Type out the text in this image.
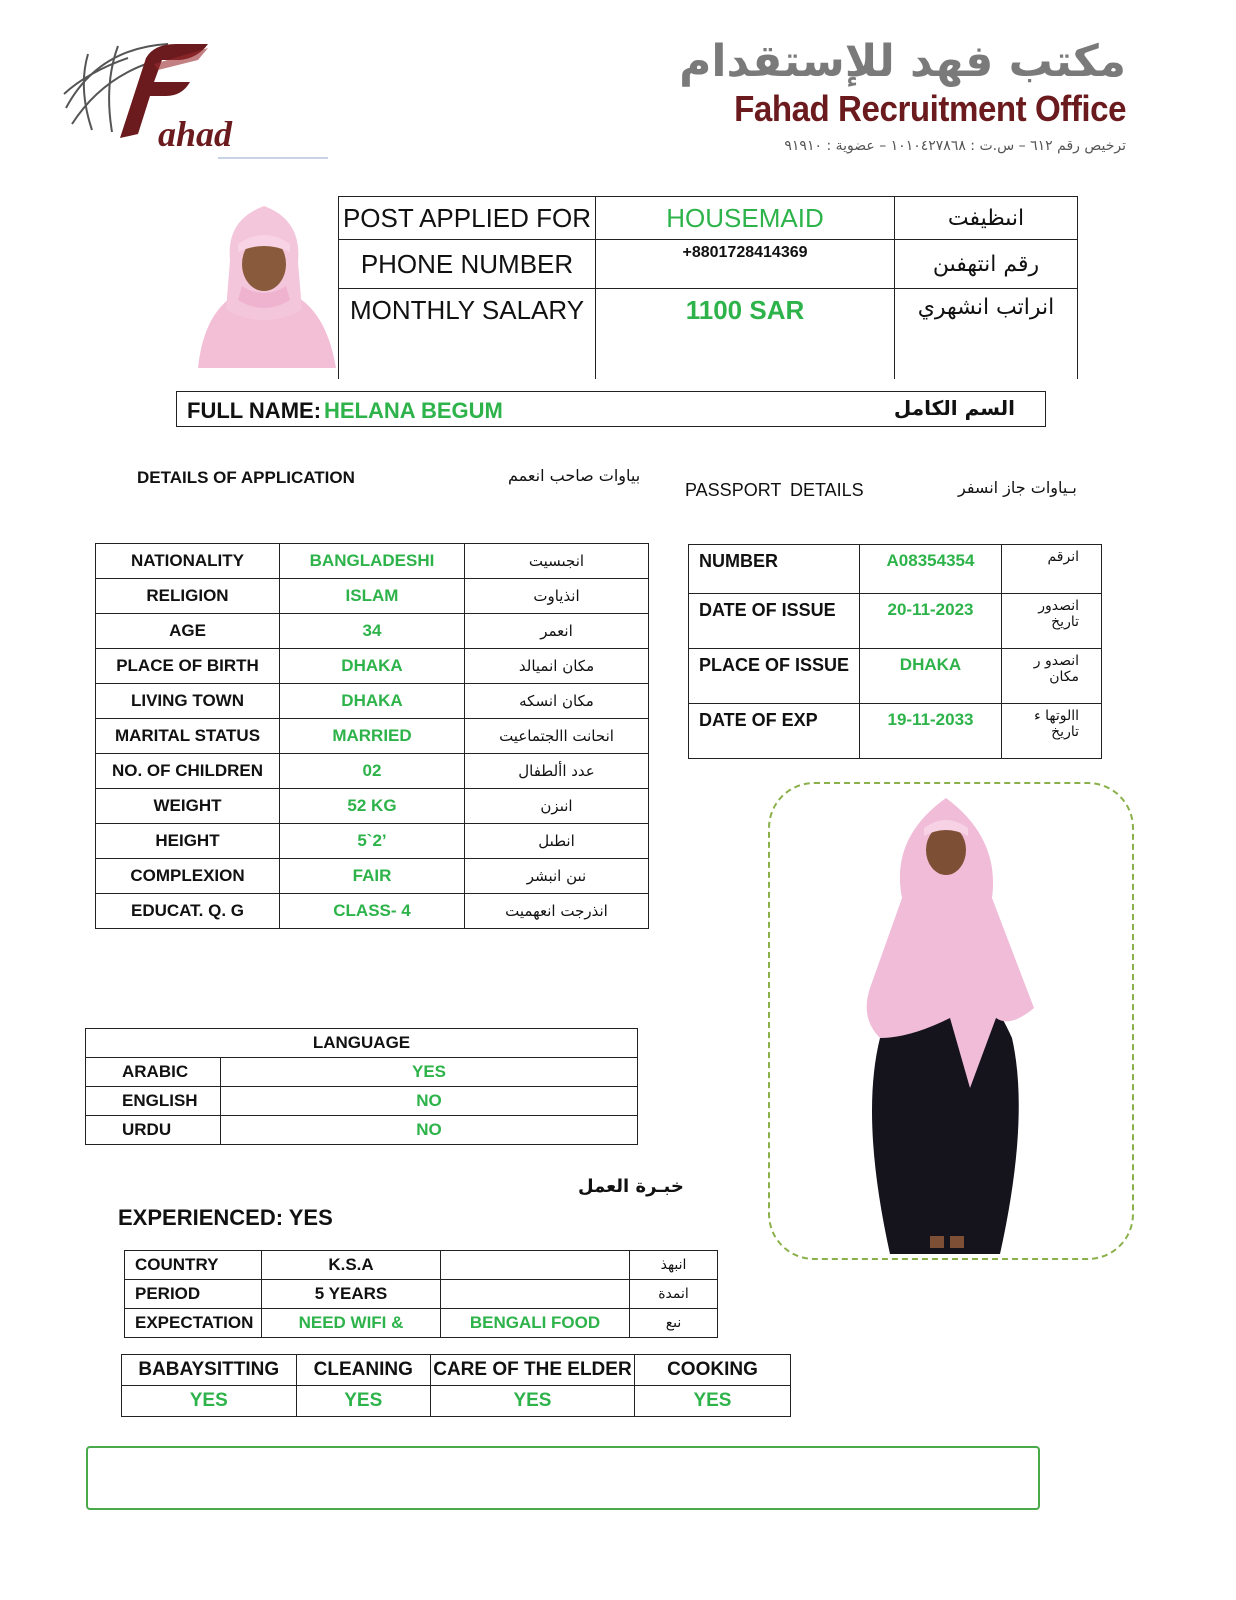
ahad
مكتب فهد للإستقدام
Fahad Recruitment Office
ترخيص رقم ٦١٢ – س.ت : ١٠١٠٤٢٧٨٦٨ – عضوية : ٩١٩١٠
POST APPLIED FOR	HOUSEMAID	انىظيفت
PHONE NUMBER	+8801728414369	رقم انتهفىن
MONTHLY SALARY	1100 SAR	انراتب انشهري
FULL NAME: HELANA BEGUM	السم الكامل
DETAILS OF APPLICATION	بياوات صاحب انعمم
PASSPORT DETAILS	بـياوات جاز انسفر
NATIONALITY	BANGLADESHI	انجىسيت
RELIGION	ISLAM	انذياوت
AGE	34	انعمر
PLACE OF BIRTH	DHAKA	مكان انميالد
LIVING TOWN	DHAKA	مكان انسكه
MARITAL STATUS	MARRIED	انحانت االجتماعيت
NO. OF CHILDREN	02	عدد األطفال
WEIGHT	52 KG	انىزن
HEIGHT	5`2’	انطىل
COMPLEXION	FAIR	نىن انبشر
EDUCAT. Q. G	CLASS- 4	انذرجت انعهميت
NUMBER	A08354354	انرقم
DATE OF ISSUE	20-11-2023	انصدور تاريخ
PLACE OF ISSUE	DHAKA	انصدو ر مكان
DATE OF EXP	19-11-2033	االوتها ء تاريخ
LANGUAGE	
ARABIC	YES
ENGLISH	NO
URDU	NO
خبـرة العمل
EXPERIENCED: YES
COUNTRY	K.S.A		انبهذ
PERIOD	5 YEARS		انمدة
EXPECTATION	NEED WIFI &	BENGALI FOOD	نىع
BABAYSITTING	CLEANING	CARE OF THE ELDER	COOKING
YES	YES	YES	YES
